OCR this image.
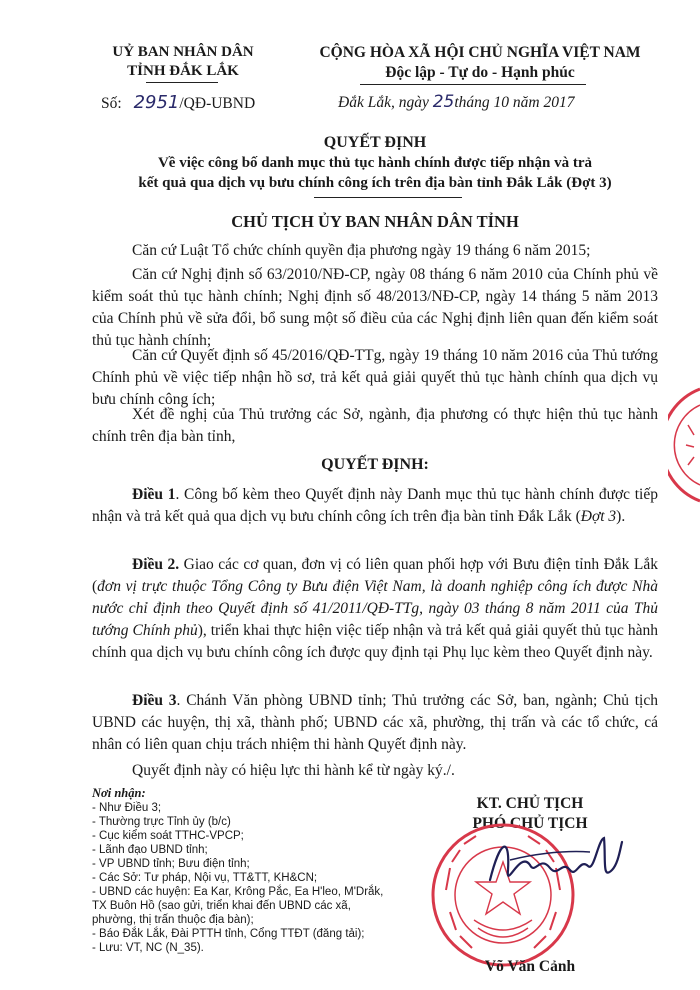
UỶ BAN NHÂN DÂN
TỈNH ĐẮK LẮK
Số: 2951/QĐ-UBND
CỘNG HÒA XÃ HỘI CHỦ NGHĨA VIỆT NAM
Độc lập - Tự do - Hạnh phúc
Đắk Lắk, ngày 25tháng 10 năm 2017
QUYẾT ĐỊNH
Về việc công bố danh mục thủ tục hành chính được tiếp nhận và trả
kết quả qua dịch vụ bưu chính công ích trên địa bàn tỉnh Đắk Lắk (Đợt 3)
CHỦ TỊCH ỦY BAN NHÂN DÂN TỈNH
Căn cứ Luật Tổ chức chính quyền địa phương ngày 19 tháng 6 năm 2015;
Căn cứ Nghị định số 63/2010/NĐ-CP, ngày 08 tháng 6 năm 2010 của Chính phủ về kiểm soát thủ tục hành chính; Nghị định số 48/2013/NĐ-CP, ngày 14 tháng 5 năm 2013 của Chính phủ về sửa đổi, bổ sung một số điều của các Nghị định liên quan đến kiểm soát thủ tục hành chính;
Căn cứ Quyết định số 45/2016/QĐ-TTg, ngày 19 tháng 10 năm 2016 của Thủ tướng Chính phủ về việc tiếp nhận hồ sơ, trả kết quả giải quyết thủ tục hành chính qua dịch vụ bưu chính công ích;
Xét đề nghị của Thủ trưởng các Sở, ngành, địa phương có thực hiện thủ tục hành chính trên địa bàn tỉnh,
QUYẾT ĐỊNH:
Điều 1. Công bố kèm theo Quyết định này Danh mục thủ tục hành chính được tiếp nhận và trả kết quả qua dịch vụ bưu chính công ích trên địa bàn tỉnh Đắk Lắk (Đợt 3).
Điều 2. Giao các cơ quan, đơn vị có liên quan phối hợp với Bưu điện tỉnh Đắk Lắk (đơn vị trực thuộc Tổng Công ty Bưu điện Việt Nam, là doanh nghiệp công ích được Nhà nước chỉ định theo Quyết định số 41/2011/QĐ-TTg, ngày 03 tháng 8 năm 2011 của Thủ tướng Chính phủ), triển khai thực hiện việc tiếp nhận và trả kết quả giải quyết thủ tục hành chính qua dịch vụ bưu chính công ích được quy định tại Phụ lục kèm theo Quyết định này.
Điều 3. Chánh Văn phòng UBND tỉnh; Thủ trưởng các Sở, ban, ngành; Chủ tịch UBND các huyện, thị xã, thành phố; UBND các xã, phường, thị trấn và các tổ chức, cá nhân có liên quan chịu trách nhiệm thi hành Quyết định này.
Quyết định này có hiệu lực thi hành kể từ ngày ký./.
Nơi nhận:
- Như Điều 3;
- Thường trực Tỉnh ủy (b/c)
- Cục kiểm soát TTHC-VPCP;
- Lãnh đạo UBND tỉnh;
- VP UBND tỉnh; Bưu điện tỉnh;
- Các Sở: Tư pháp, Nội vụ, TT&TT, KH&CN;
- UBND các huyện: Ea Kar, Krông Pắc, Ea H'leo, M'Drắk,
TX Buôn Hồ (sao gửi, triển khai đến UBND các xã,
phường, thị trấn thuộc địa bàn);
- Báo Đắk Lắk, Đài PTTH tỉnh, Cổng TTĐT (đăng tải);
- Lưu: VT, NC (N_35).
KT. CHỦ TỊCH
PHÓ CHỦ TỊCH
Võ Văn Cảnh
